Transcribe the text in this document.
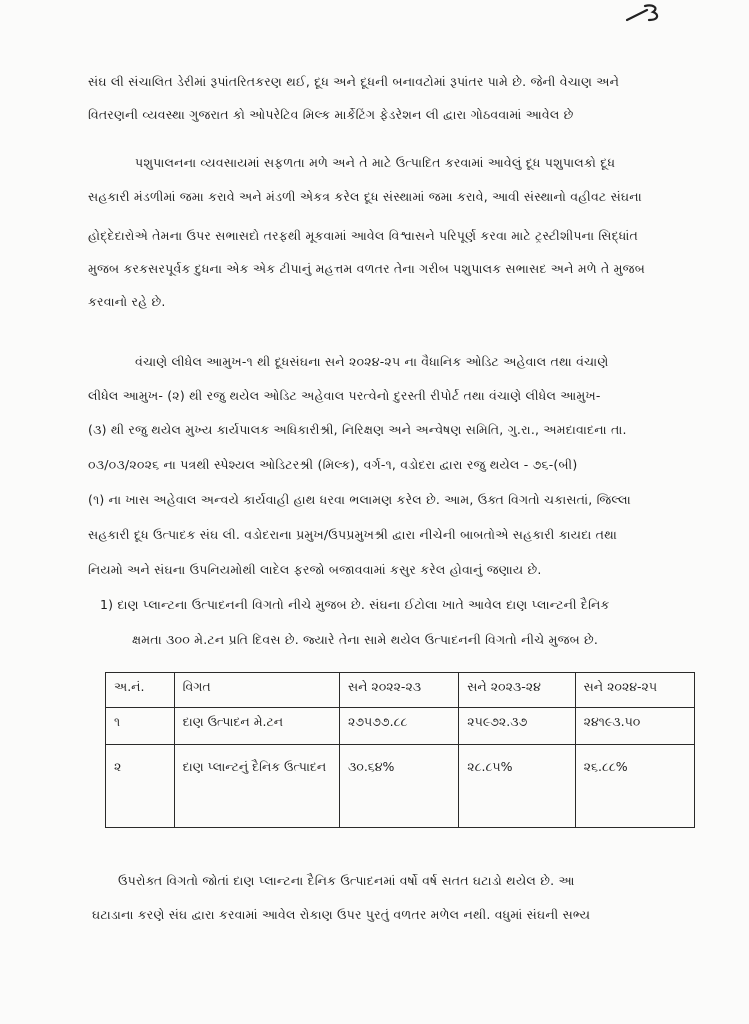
સંઘ લી સંચાલિત ડેરીમાં રૂપાંતરિતકરણ થઈ, દૂધ અને દૂધની બનાવટોમાં રૂપાંતર પામે છે. જેની વેચાણ અને
વિતરણની વ્યવસ્થા ગુજરાત કો ઓપરેટિવ મિલ્ક માર્કેટિંગ ફેડરેશન લી દ્વારા ગોઠવવામાં આવેલ છે
પશુપાલનના વ્યવસાયમાં સફળતા મળે અને તે માટે ઉત્પાદિત કરવામાં આવેલું દૂધ પશુપાલકો દૂધ
સહકારી મંડળીમાં જમા કરાવે અને મંડળી એકત્ર કરેલ દૂધ સંસ્થામાં જમા કરાવે, આવી સંસ્થાનો વહીવટ સંઘના
હોદ્દેદારોએ તેમના ઉપર સભાસદો તરફથી મૂકવામાં આવેલ વિશ્વાસને પરિપૂર્ણ કરવા માટે ટ્રસ્ટીશીપના સિદ્ધાંત
મુજબ કરકસરપૂર્વક દુધના એક એક ટીપાનું મહત્તમ વળતર તેના ગરીબ પશુપાલક સભાસદ અને મળે તે મુજબ
કરવાનો રહે છે.
વંચાણે લીધેલ આમુખ-૧ થી દૂધસંઘના સને ૨૦૨૪-૨૫ ના વૈધાનિક ઓડિટ અહેવાલ તથા વંચાણે
લીધેલ આમુખ- (૨) થી રજુ થયેલ ઓડિટ અહેવાલ પરત્વેનો દુરસ્તી રીપોર્ટ તથા વંચાણે લીધેલ આમુખ-
(૩) થી રજુ થયેલ મુખ્ય કાર્યપાલક અધિકારીશ્રી, નિરિક્ષણ અને અન્વેષણ સમિતિ, ગુ.રા., અમદાવાદના તા.
૦૩/૦૩/૨૦૨૬ ના પત્રથી સ્પેશ્યલ ઓડિટરશ્રી (મિલ્ક), વર્ગ-૧, વડોદરા દ્વારા રજુ થયેલ - ૭૬-(બી)
(૧) ના ખાસ અહેવાલ અન્વયે કાર્યવાહી હાથ ધરવા ભલામણ કરેલ છે. આમ, ઉક્ત વિગતો ચકાસતાં, જિલ્લા
સહકારી દૂધ ઉત્પાદક સંઘ લી. વડોદરાના પ્રમુખ/ઉપપ્રમુખશ્રી દ્વારા નીચેની બાબતોએ સહકારી કાયદા તથા
નિયમો અને સંઘના ઉપનિયમોથી લાદેલ ફરજો બજાવવામાં કસુર કરેલ હોવાનું જણાય છે.
1) દાણ પ્લાન્ટના ઉત્પાદનની વિગતો નીચે મુજબ છે. સંઘના ઈટોલા ખાતે આવેલ દાણ પ્લાન્ટની દૈનિક
ક્ષમતા ૩૦૦ મે.ટન પ્રતિ દિવસ છે. જ્યારે તેના સામે થયેલ ઉત્પાદનની વિગતો નીચે મુજબ છે.
અ.નં.	વિગત	સને ૨૦૨૨-૨૩	સને ૨૦૨૩-૨૪	સને ૨૦૨૪-૨૫
૧	દાણ ઉત્પાદન મે.ટન	૨૭૫૭૭.૮૮	૨૫૯૭૨.૩૭	૨૪૧૯૩.૫૦
૨	દાણ પ્લાન્ટનું દૈનિક ઉત્પાદન	૩૦.૬૪%	૨૮.૮૫%	૨૬.૮૮%
ઉપરોક્ત વિગતો જોતાં દાણ પ્લાન્ટના દૈનિક ઉત્પાદનમાં વર્ષો વર્ષ સતત ઘટાડો થયેલ છે. આ
ઘટાડાના કરણે સંઘ દ્વારા કરવામાં આવેલ રોકાણ ઉપર પુરતું વળતર મળેલ નથી. વધુમાં સંઘની સભ્ય
